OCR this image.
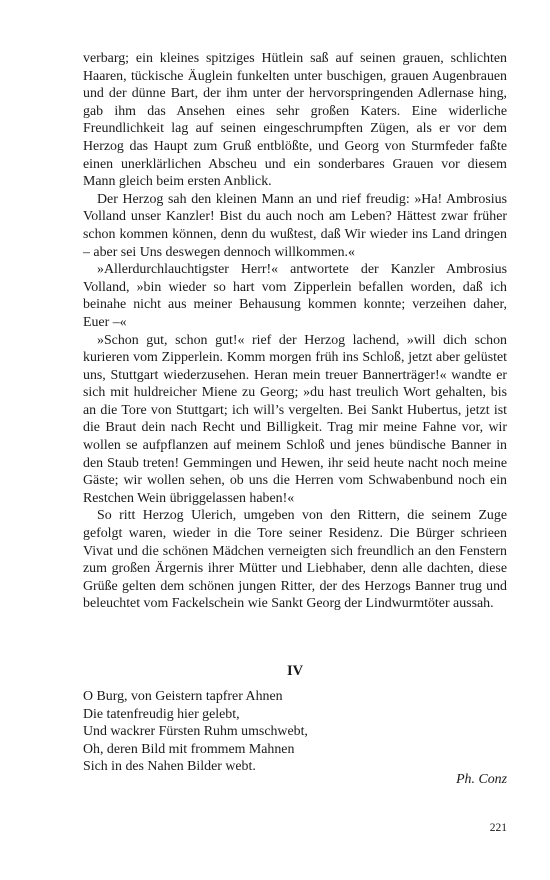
verbarg; ein kleines spitziges Hütlein saß auf seinen grauen, schlichten Haaren, tückische Äuglein funkelten unter buschigen, grauen Augenbrauen und der dünne Bart, der ihm unter der hervorspringenden Adlernase hing, gab ihm das Ansehen eines sehr großen Katers. Eine widerliche Freundlichkeit lag auf seinen eingeschrumpften Zügen, als er vor dem Herzog das Haupt zum Gruß entblößte, und Georg von Sturmfeder faßte einen unerklärlichen Abscheu und ein sonderbares Grauen vor diesem Mann gleich beim ersten Anblick.

Der Herzog sah den kleinen Mann an und rief freudig: »Ha! Ambrosius Volland unser Kanzler! Bist du auch noch am Leben? Hättest zwar früher schon kommen können, denn du wußtest, daß Wir wieder ins Land dringen – aber sei Uns deswegen dennoch willkommen.«

»Allerdurchlauchtigster Herr!« antwortete der Kanzler Ambrosius Volland, »bin wieder so hart vom Zipperlein befallen worden, daß ich beinahe nicht aus meiner Behausung kommen konnte; verzeihen daher, Euer –«

»Schon gut, schon gut!« rief der Herzog lachend, »will dich schon kurieren vom Zipperlein. Komm morgen früh ins Schloß, jetzt aber gelüstet uns, Stuttgart wiederzusehen. Heran mein treuer Bannerträger!« wandte er sich mit huldreicher Miene zu Georg; »du hast treulich Wort gehalten, bis an die Tore von Stuttgart; ich will’s vergelten. Bei Sankt Hubertus, jetzt ist die Braut dein nach Recht und Billigkeit. Trag mir meine Fahne vor, wir wollen se aufpflanzen auf meinem Schloß und jenes bündische Banner in den Staub treten! Gemmingen und Hewen, ihr seid heute nacht noch meine Gäste; wir wollen sehen, ob uns die Herren vom Schwabenbund noch ein Restchen Wein übriggelassen haben!«

So ritt Herzog Ulerich, umgeben von den Rittern, die seinem Zuge gefolgt waren, wieder in die Tore seiner Residenz. Die Bürger schrieen Vivat und die schönen Mädchen verneigten sich freundlich an den Fenstern zum großen Ärgernis ihrer Mütter und Liebhaber, denn alle dachten, diese Grüße gelten dem schönen jungen Ritter, der des Herzogs Banner trug und beleuchtet vom Fackelschein wie Sankt Georg der Lindwurmtöter aussah.

IV
O Burg, von Geistern tapfrer Ahnen
Die tatenfreudig hier gelebt,
Und wackrer Fürsten Ruhm umschwebt,
Oh, deren Bild mit frommem Mahnen
Sich in des Nahen Bilder webt.
Ph. Conz
221
